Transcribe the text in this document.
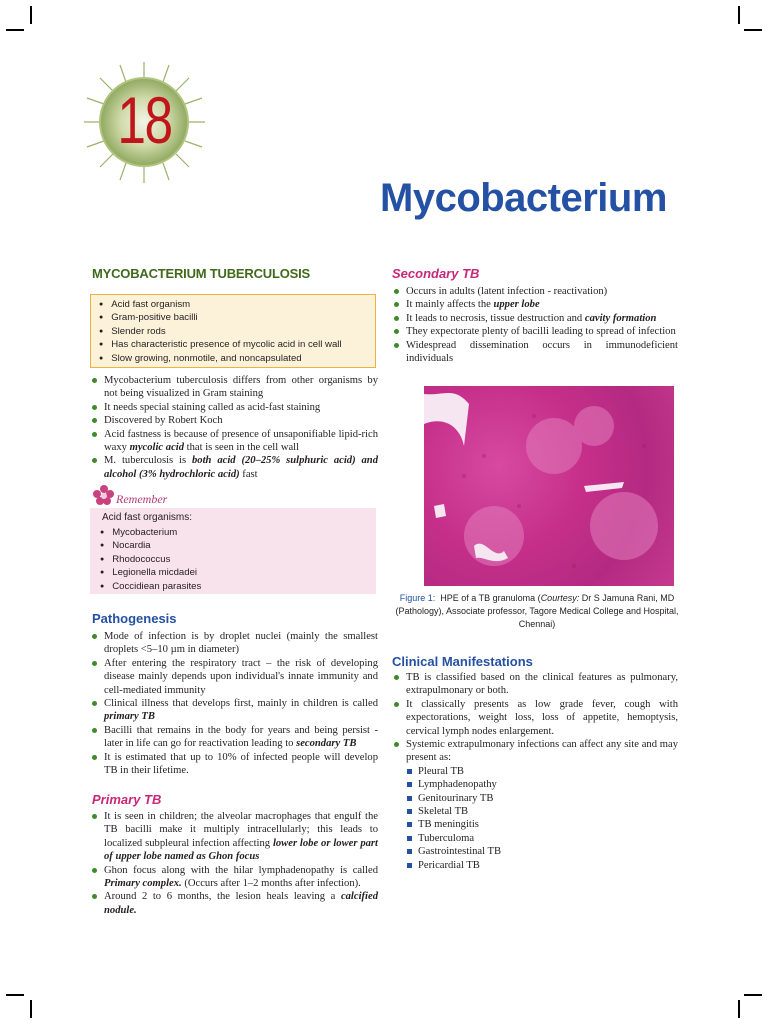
18
Mycobacterium
MYCOBACTERIUM TUBERCULOSIS
● Acid fast organism
● Gram-positive bacilli
● Slender rods
● Has characteristic presence of mycolic acid in cell wall
● Slow growing, nonmotile, and noncapsulated
Mycobacterium tuberculosis differs from other organisms by not being visualized in Gram staining
It needs special staining called as acid-fast staining
Discovered by Robert Koch
Acid fastness is because of presence of unsaponifiable lipid-rich waxy mycolic acid that is seen in the cell wall
M. tuberculosis is both acid (20–25% sulphuric acid) and alcohol (3% hydrochloric acid) fast
Remember
Acid fast organisms:
● Mycobacterium
● Nocardia
● Rhodococcus
● Legionella micdadei
● Coccidiean parasites
Pathogenesis
Mode of infection is by droplet nuclei (mainly the smallest droplets <5–10 µm in diameter)
After entering the respiratory tract – the risk of developing disease mainly depends upon individual's innate immunity and cell-mediated immunity
Clinical illness that develops first, mainly in children is called primary TB
Bacilli that remains in the body for years and being persist - later in life can go for reactivation leading to secondary TB
It is estimated that up to 10% of infected people will develop TB in their lifetime.
Primary TB
It is seen in children; the alveolar macrophages that engulf the TB bacilli make it multiply intracellularly; this leads to localized subpleural infection affecting lower lobe or lower part of upper lobe named as Ghon focus
Ghon focus along with the hilar lymphadenopathy is called Primary complex. (Occurs after 1–2 months after infection).
Around 2 to 6 months, the lesion heals leaving a calcified nodule.
Secondary TB
Occurs in adults (latent infection - reactivation)
It mainly affects the upper lobe
It leads to necrosis, tissue destruction and cavity formation
They expectorate plenty of bacilli leading to spread of infection
Widespread dissemination occurs in immunodeficient individuals
Figure 1: HPE of a TB granuloma (Courtesy: Dr S Jamuna Rani, MD (Pathology), Associate professor, Tagore Medical College and Hospital, Chennai)
Clinical Manifestations
TB is classified based on the clinical features as pulmonary, extrapulmonary or both.
It classically presents as low grade fever, cough with expectorations, weight loss, loss of appetite, hemoptysis, cervical lymph nodes enlargement.
Systemic extrapulmonary infections can affect any site and may present as:
Pleural TB
Lymphadenopathy
Genitourinary TB
Skeletal TB
TB meningitis
Tuberculoma
Gastrointestinal TB
Pericardial TB
